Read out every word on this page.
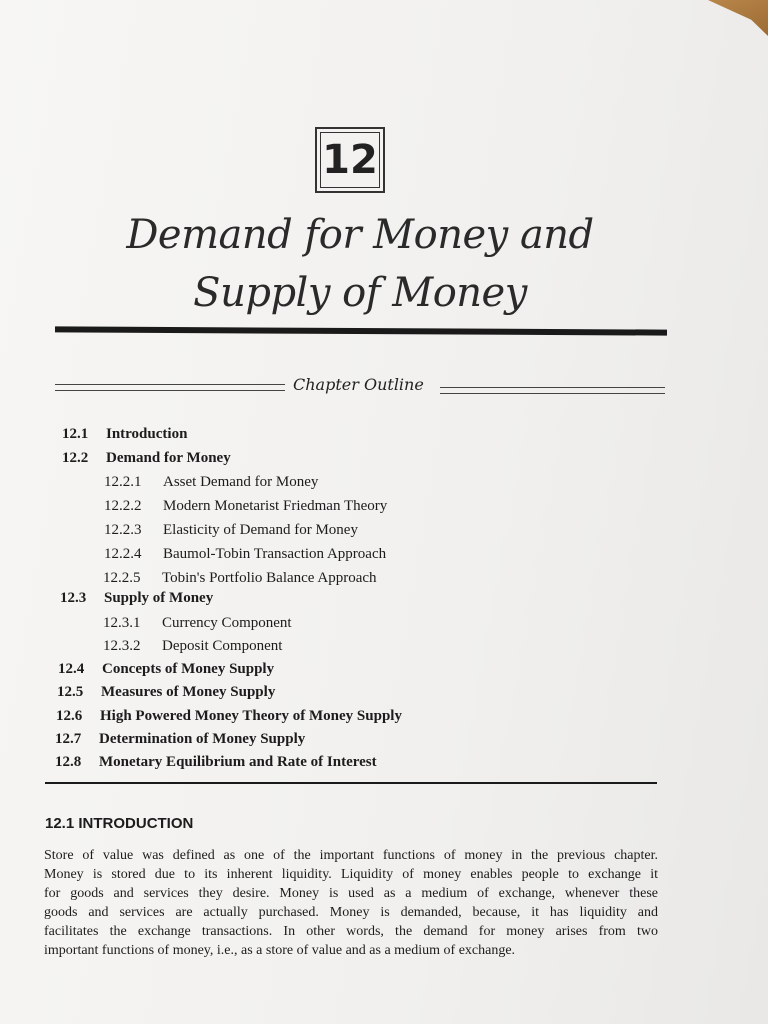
12
Demand for Money and
Supply of Money
Chapter Outline
12.1 Introduction
12.2 Demand for Money
12.2.1 Asset Demand for Money
12.2.2 Modern Monetarist Friedman Theory
12.2.3 Elasticity of Demand for Money
12.2.4 Baumol-Tobin Transaction Approach
12.2.5 Tobin's Portfolio Balance Approach
12.3 Supply of Money
12.3.1 Currency Component
12.3.2 Deposit Component
12.4 Concepts of Money Supply
12.5 Measures of Money Supply
12.6 High Powered Money Theory of Money Supply
12.7 Determination of Money Supply
12.8 Monetary Equilibrium and Rate of Interest
12.1 INTRODUCTION
Store of value was defined as one of the important functions of money in the previous chapter.
Money is stored due to its inherent liquidity. Liquidity of money enables people to exchange it
for goods and services they desire. Money is used as a medium of exchange, whenever these
goods and services are actually purchased. Money is demanded, because, it has liquidity and
facilitates the exchange transactions. In other words, the demand for money arises from two
important functions of money, i.e., as a store of value and as a medium of exchange.
